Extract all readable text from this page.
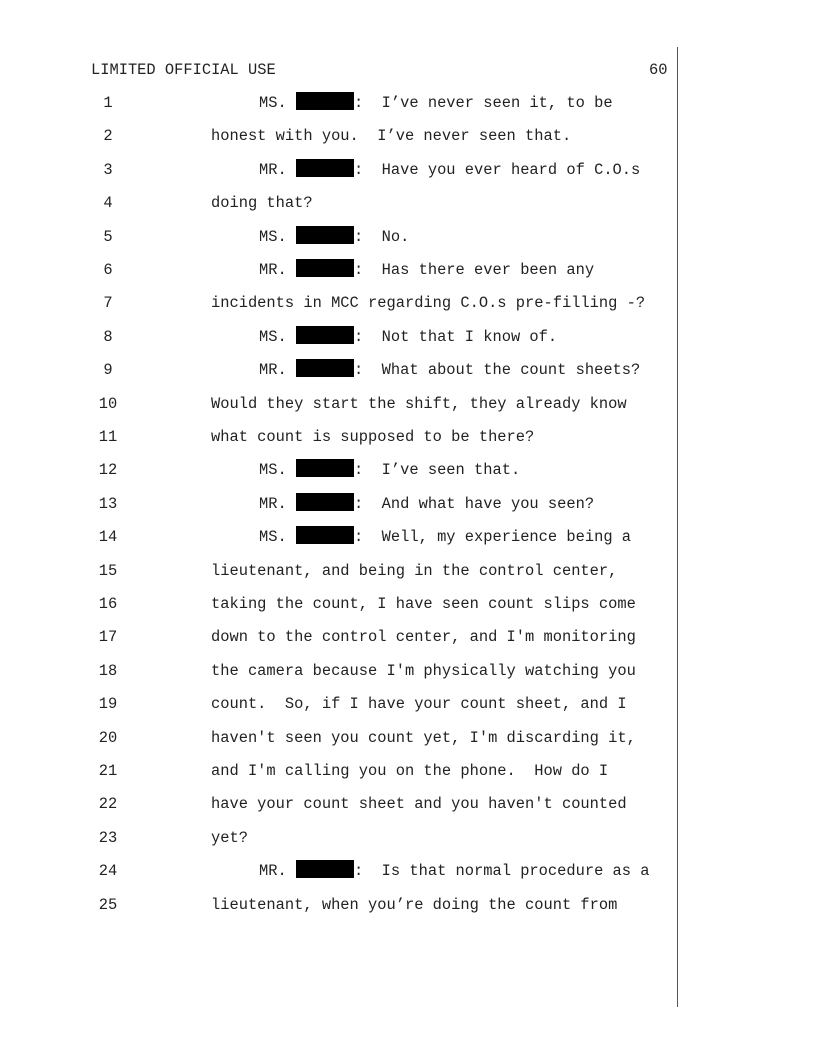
LIMITED OFFICIAL USE	60
1	MS.	:  I’ve never seen it, to be
2	honest with you.  I’ve never seen that.
3	MR.	:  Have you ever heard of C.O.s
4	doing that?
5	MS.	:  No.
6	MR.	:  Has there ever been any
7	incidents in MCC regarding C.O.s pre-filling -?
8	MS.	:  Not that I know of.
9	MR.	:  What about the count sheets?
10	Would they start the shift, they already know
11	what count is supposed to be there?
12	MS.	:  I’ve seen that.
13	MR.	:  And what have you seen?
14	MS.	:  Well, my experience being a
15	lieutenant, and being in the control center,
16	taking the count, I have seen count slips come
17	down to the control center, and I'm monitoring
18	the camera because I'm physically watching you
19	count.  So, if I have your count sheet, and I
20	haven't seen you count yet, I'm discarding it,
21	and I'm calling you on the phone.  How do I
22	have your count sheet and you haven't counted
23	yet?
24	MR.	:  Is that normal procedure as a
25	lieutenant, when you’re doing the count from
